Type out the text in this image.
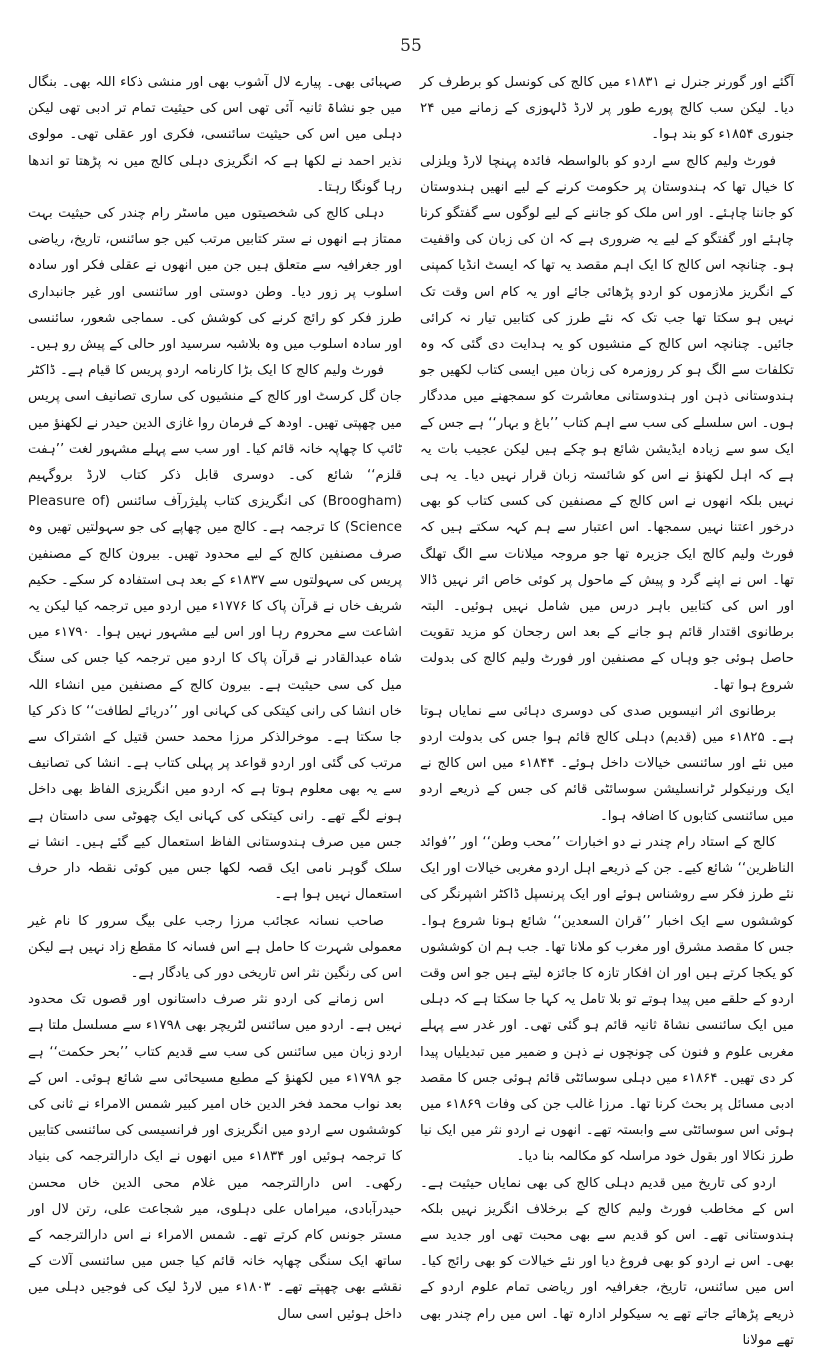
55

آگئے اور گورنر جنرل نے ۱۸۳۱ء میں کالج کی کونسل کو برطرف کر دیا۔ لیکن سب کالج پورے طور پر لارڈ ڈلہوزی کے زمانے میں ۲۴ جنوری ۱۸۵۴ء کو بند ہوا۔

فورٹ ولیم کالج سے اردو کو بالواسطہ فائدہ پہنچا لارڈ ویلزلی کا خیال تھا کہ ہندوستان پر حکومت کرنے کے لیے انھیں ہندوستان کو جاننا چاہئے۔ اور اس ملک کو جاننے کے لیے لوگوں سے گفتگو کرنا چاہئے اور گفتگو کے لیے یہ ضروری ہے کہ ان کی زبان کی واقفیت ہو۔ چنانچہ اس کالج کا ایک اہم مقصد یہ تھا کہ ایسٹ انڈیا کمپنی کے انگریز ملازموں کو اردو پڑھائی جائے اور یہ کام اس وقت تک نہیں ہو سکتا تھا جب تک کہ نئے طرز کی کتابیں تیار نہ کرائی جائیں۔ چنانچہ اس کالج کے منشیوں کو یہ ہدایت دی گئی کہ وہ تکلفات سے الگ ہو کر روزمرہ کی زبان میں ایسی کتاب لکھیں جو ہندوستانی ذہن اور ہندوستانی معاشرت کو سمجھنے میں مددگار ہوں۔ اس سلسلے کی سب سے اہم کتاب ’’باغ و بہار‘‘ ہے جس کے ایک سو سے زیادہ ایڈیشن شائع ہو چکے ہیں لیکن عجیب بات یہ ہے کہ اہل لکھنؤ نے اس کو شائستہ زبان قرار نہیں دیا۔ یہ ہی نہیں بلکہ انھوں نے اس کالج کے مصنفین کی کسی کتاب کو بھی درخور اعتنا نہیں سمجھا۔ اس اعتبار سے ہم کہہ سکتے ہیں کہ فورٹ ولیم کالج ایک جزیرہ تھا جو مروجہ میلانات سے الگ تھلگ تھا۔ اس نے اپنے گرد و پیش کے ماحول پر کوئی خاص اثر نہیں ڈالا اور اس کی کتابیں باہر درس میں شامل نہیں ہوئیں۔ البتہ برطانوی اقتدار قائم ہو جانے کے بعد اس رجحان کو مزید تقویت حاصل ہوئی جو وہاں کے مصنفین اور فورٹ ولیم کالج کی بدولت شروع ہوا تھا۔

برطانوی اثر انیسویں صدی کی دوسری دہائی سے نمایاں ہوتا ہے۔ ۱۸۲۵ء میں (قدیم) دہلی کالج قائم ہوا جس کی بدولت اردو میں نئے اور سائنسی خیالات داخل ہوئے۔ ۱۸۴۴ء میں اس کالج نے ایک ورنیکولر ٹرانسلیشن سوسائٹی قائم کی جس کے ذریعے اردو میں سائنسی کتابوں کا اضافہ ہوا۔

کالج کے استاد رام چندر نے دو اخبارات ’’محب وطن‘‘ اور ’’فوائد الناظرین‘‘ شائع کیے۔ جن کے ذریعے اہل اردو مغربی خیالات اور ایک نئے طرز فکر سے روشناس ہوئے اور ایک پرنسپل ڈاکٹر اشپرنگر کی کوششوں سے ایک اخبار ’’قران السعدین‘‘ شائع ہونا شروع ہوا۔ جس کا مقصد مشرق اور مغرب کو ملانا تھا۔ جب ہم ان کوششوں کو یکجا کرتے ہیں اور ان افکار تازہ کا جائزہ لیتے ہیں جو اس وقت اردو کے حلقے میں پیدا ہوتے تو بلا تامل یہ کہا جا سکتا ہے کہ دہلی میں ایک سائنسی نشاۃ ثانیہ قائم ہو گئی تھی۔ اور غدر سے پہلے مغربی علوم و فنون کی چونچوں نے ذہن و ضمیر میں تبدیلیاں پیدا کر دی تھیں۔ ۱۸۶۴ء میں دہلی سوسائٹی قائم ہوئی جس کا مقصد ادبی مسائل پر بحث کرنا تھا۔ مرزا غالب جن کی وفات ۱۸۶۹ء میں ہوئی اس سوسائٹی سے وابستہ تھے۔ انھوں نے اردو نثر میں ایک نیا طرز نکالا اور بقول خود مراسلہ کو مکالمہ بنا دیا۔

اردو کی تاریخ میں قدیم دہلی کالج کی بھی نمایاں حیثیت ہے۔ اس کے مخاطب فورٹ ولیم کالج کے برخلاف انگریز نہیں بلکہ ہندوستانی تھے۔ اس کو قدیم سے بھی محبت تھی اور جدید سے بھی۔ اس نے اردو کو بھی فروغ دیا اور نئے خیالات کو بھی رائج کیا۔ اس میں سائنس، تاریخ، جغرافیہ اور ریاضی تمام علوم اردو کے ذریعے پڑھائے جاتے تھے یہ سیکولر ادارہ تھا۔ اس میں رام چندر بھی تھے مولانا

صہبائی بھی۔ پیارے لال آشوب بھی اور منشی ذکاء اللہ بھی۔ بنگال میں جو نشاۃ ثانیہ آئی تھی اس کی حیثیت تمام تر ادبی تھی لیکن دہلی میں اس کی حیثیت سائنسی، فکری اور عقلی تھی۔ مولوی نذیر احمد نے لکھا ہے کہ انگریزی دہلی کالج میں نہ پڑھتا تو اندھا رہا گونگا رہتا۔

دہلی کالج کی شخصیتوں میں ماسٹر رام چندر کی حیثیت بہت ممتاز ہے انھوں نے ستر کتابیں مرتب کیں جو سائنس، تاریخ، ریاضی اور جغرافیہ سے متعلق ہیں جن میں انھوں نے عقلی فکر اور سادہ اسلوب پر زور دیا۔ وطن دوستی اور سائنسی اور غیر جانبداری طرز فکر کو رائج کرنے کی کوشش کی۔ سماجی شعور، سائنسی اور سادہ اسلوب میں وہ بلاشبہ سرسید اور حالی کے پیش رو ہیں۔

فورٹ ولیم کالج کا ایک بڑا کارنامہ اردو پریس کا قیام ہے۔ ڈاکٹر جان گل کرسٹ اور کالج کے منشیوں کی ساری تصانیف اسی پریس میں چھپتی تھیں۔ اودھ کے فرمان روا غازی الدین حیدر نے لکھنؤ میں ٹائپ کا چھاپہ خانہ قائم کیا۔ اور سب سے پہلے مشہور لغت ’’ہفت قلزم‘‘ شائع کی۔ دوسری قابل ذکر کتاب لارڈ بروگہیم (Broogham) کی انگریزی کتاب پلیژرآف سائنس (Pleasure of Science) کا ترجمہ ہے۔ کالج میں چھاپے کی جو سہولتیں تھیں وہ صرف مصنفین کالج کے لیے محدود تھیں۔ بیرون کالج کے مصنفین پریس کی سہولتوں سے ۱۸۳۷ء کے بعد ہی استفادہ کر سکے۔ حکیم شریف خاں نے قرآن پاک کا ۱۷۷۶ء میں اردو میں ترجمہ کیا لیکن یہ اشاعت سے محروم رہا اور اس لیے مشہور نہیں ہوا۔ ۱۷۹۰ء میں شاہ عبدالقادر نے قرآن پاک کا اردو میں ترجمہ کیا جس کی سنگ میل کی سی حیثیت ہے۔ بیرون کالج کے مصنفین میں انشاء اللہ خاں انشا کی رانی کیتکی کی کہانی اور ’’دریائے لطافت‘‘ کا ذکر کیا جا سکتا ہے۔ موخرالذکر مرزا محمد حسن قتیل کے اشتراک سے مرتب کی گئی اور اردو قواعد پر پہلی کتاب ہے۔ انشا کی تصانیف سے یہ بھی معلوم ہوتا ہے کہ اردو میں انگریزی الفاظ بھی داخل ہونے لگے تھے۔ رانی کیتکی کی کہانی ایک چھوٹی سی داستان ہے جس میں صرف ہندوستانی الفاظ استعمال کیے گئے ہیں۔ انشا نے سلک گوہر نامی ایک قصہ لکھا جس میں کوئی نقطہ دار حرف استعمال نہیں ہوا ہے۔

صاحب نسانہ عجائب مرزا رجب علی بیگ سرور کا نام غیر معمولی شہرت کا حامل ہے اس فسانہ کا مقطع زاد نہیں ہے لیکن اس کی رنگین نثر اس تاریخی دور کی یادگار ہے۔

اس زمانے کی اردو نثر صرف داستانوں اور قصوں تک محدود نہیں ہے۔ اردو میں سائنس لٹریچر بھی ۱۷۹۸ء سے مسلسل ملتا ہے اردو زبان میں سائنس کی سب سے قدیم کتاب ’’بحر حکمت‘‘ ہے جو ۱۷۹۸ء میں لکھنؤ کے مطبع مسیحائی سے شائع ہوئی۔ اس کے بعد نواب محمد فخر الدین خاں امیر کبیر شمس الامراء نے ثانی کی کوششوں سے اردو میں انگریزی اور فرانسیسی کی سائنسی کتابیں کا ترجمہ ہوئیں اور ۱۸۳۴ء میں انھوں نے ایک دارالترجمہ کی بنیاد رکھی۔ اس دارالترجمہ میں غلام محی الدین خاں محسن حیدرآبادی، میراماں علی دہلوی، میر شجاعت علی، رتن لال اور مستر جونس کام کرتے تھے۔ شمس الامراء نے اس دارالترجمہ کے ساتھ ایک سنگی چھاپہ خانہ قائم کیا جس میں سائنسی آلات کے نقشے بھی چھپتے تھے۔ ۱۸۰۳ء میں لارڈ لیک کی فوجیں دہلی میں داخل ہوئیں اسی سال
